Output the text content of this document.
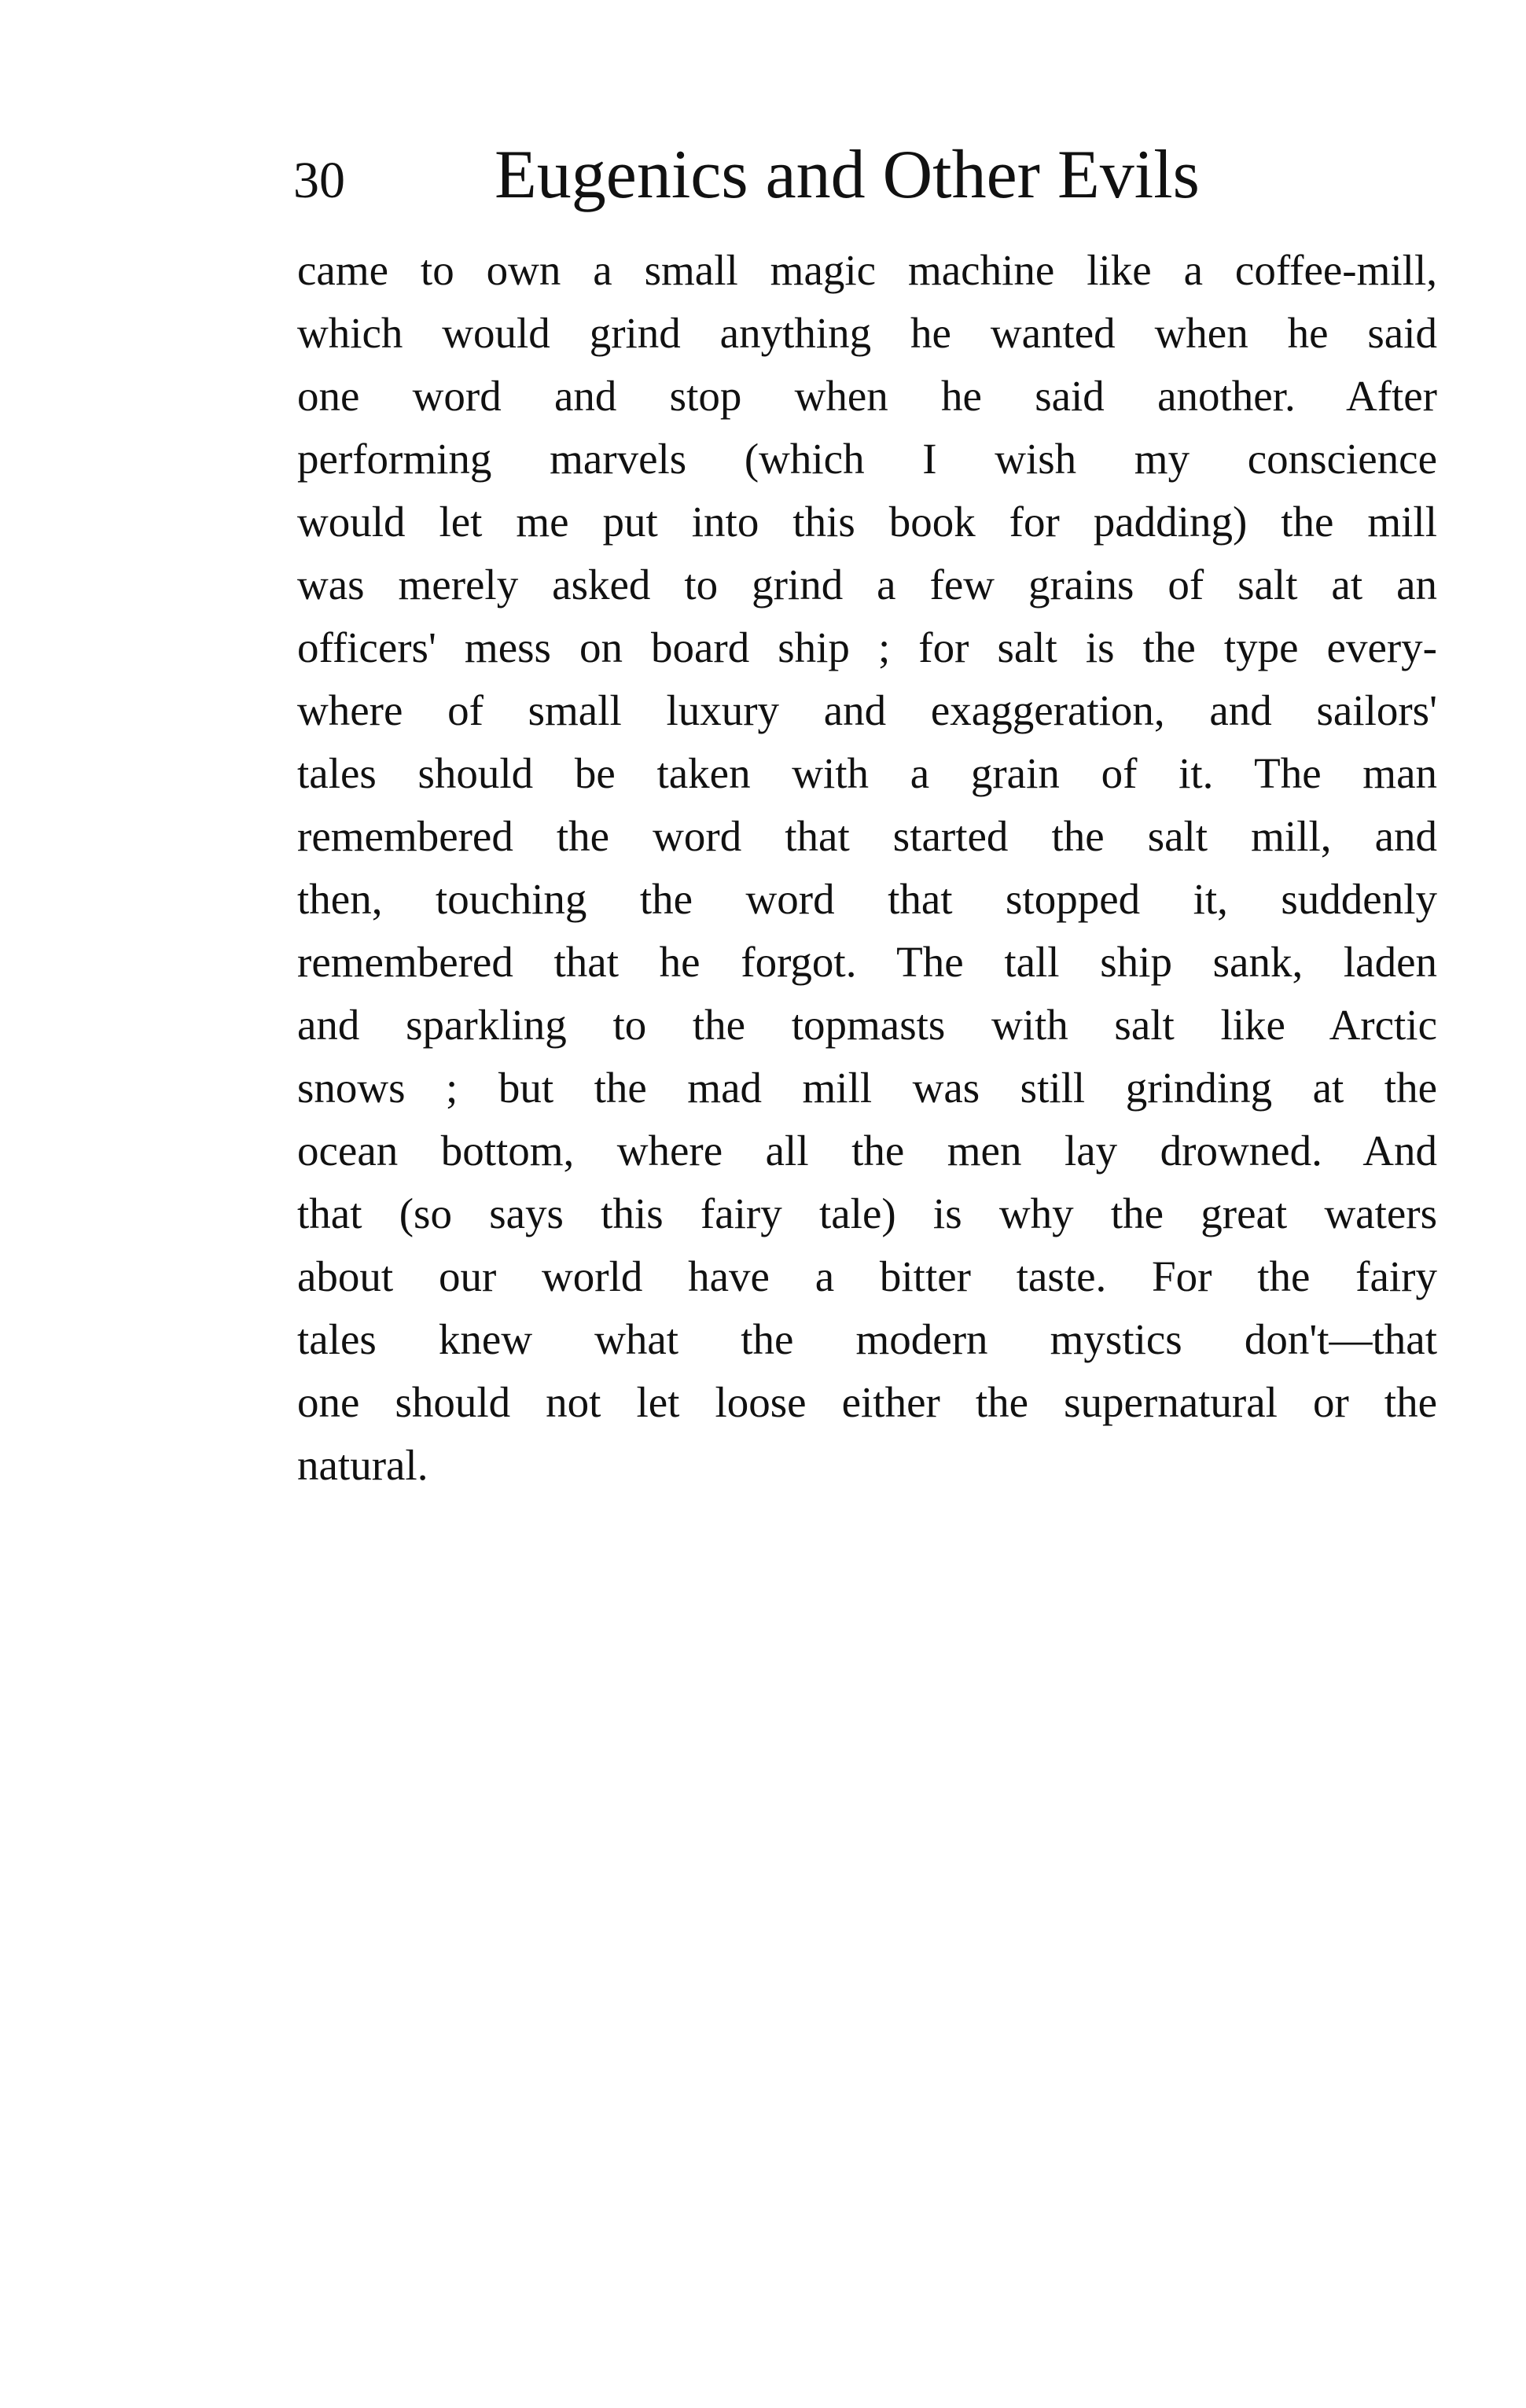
30 Eugenics and Other Evils
came to own a small magic machine like a coffee-mill,
which would grind anything he wanted when he said
one word and stop when he said another. After
performing marvels (which I wish my conscience
would let me put into this book for padding) the mill
was merely asked to grind a few grains of salt at an
officers' mess on board ship ; for salt is the type every-
where of small luxury and exaggeration, and sailors'
tales should be taken with a grain of it. The man
remembered the word that started the salt mill, and
then, touching the word that stopped it, suddenly
remembered that he forgot. The tall ship sank, laden
and sparkling to the topmasts with salt like Arctic
snows ; but the mad mill was still grinding at the
ocean bottom, where all the men lay drowned. And
that (so says this fairy tale) is why the great waters
about our world have a bitter taste. For the fairy
tales knew what the modern mystics don't—that
one should not let loose either the supernatural or the
natural.
